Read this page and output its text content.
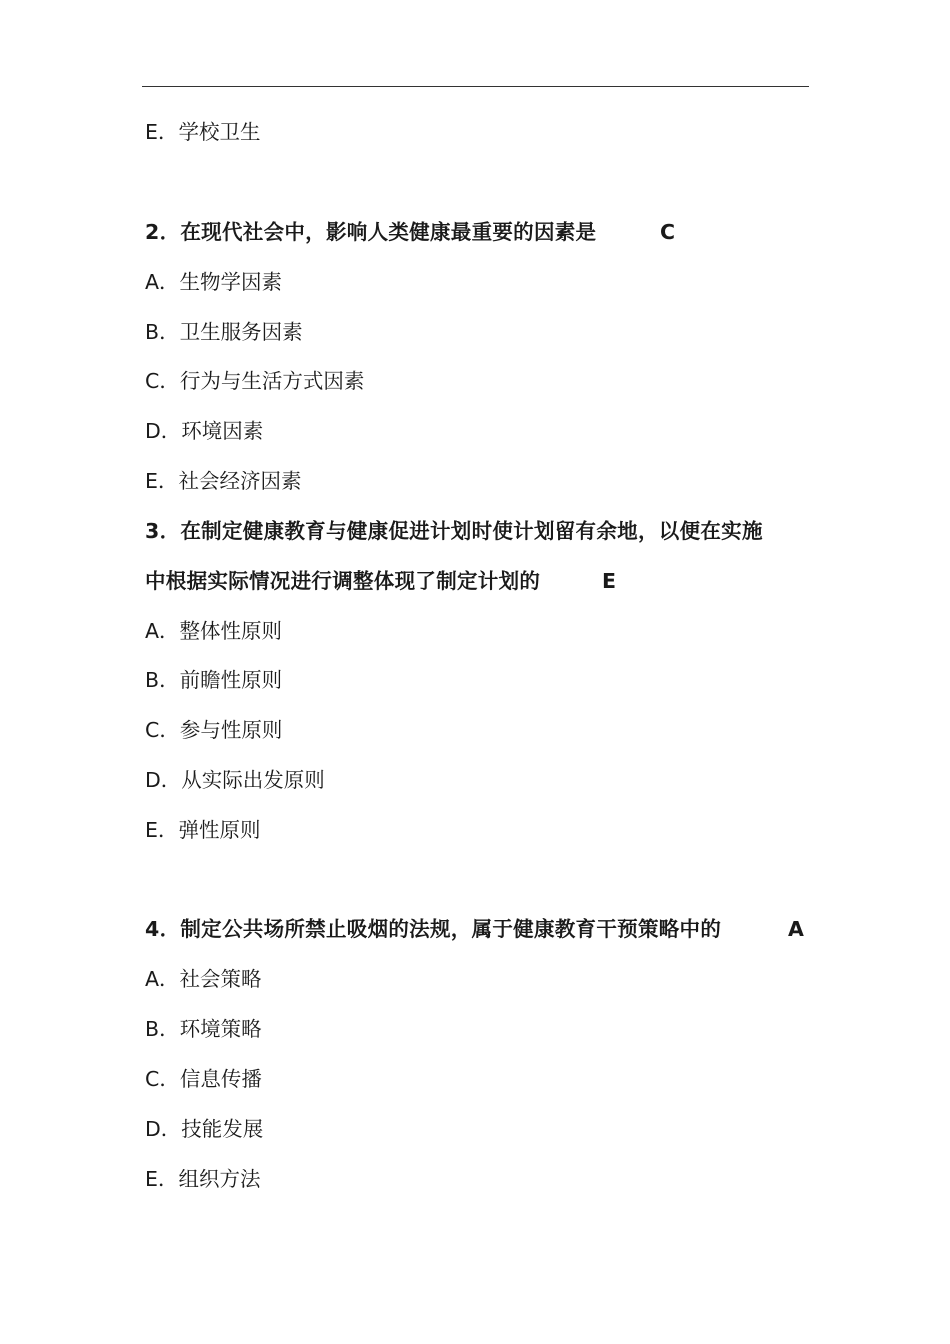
E．学校卫生
2．在现代社会中，影响人类健康最重要的因素是	C
A．生物学因素
B．卫生服务因素
C．行为与生活方式因素
D．环境因素
E．社会经济因素
3．在制定健康教育与健康促进计划时使计划留有余地，以便在实施
中根据实际情况进行调整体现了制定计划的	E
A．整体性原则
B．前瞻性原则
C．参与性原则
D．从实际出发原则
E．弹性原则
4．制定公共场所禁止吸烟的法规，属于健康教育干预策略中的	A
A．社会策略
B．环境策略
C．信息传播
D．技能发展
E．组织方法
